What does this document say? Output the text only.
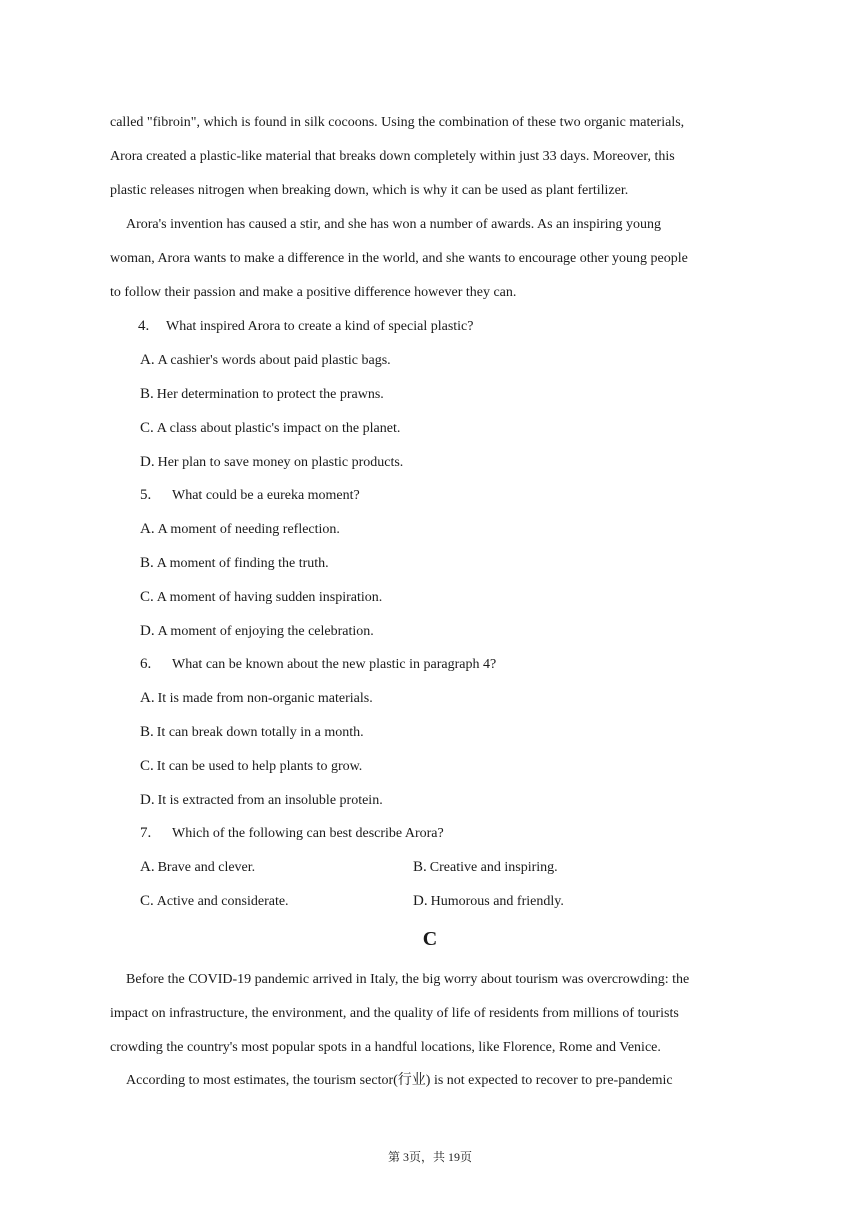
called "fibroin", which is found in silk cocoons. Using the combination of these two organic materials,
Arora created a plastic-like material that breaks down completely within just 33 days. Moreover, this
plastic releases nitrogen when breaking down, which is why it can be used as plant fertilizer.
Arora's invention has caused a stir, and she has won a number of awards. As an inspiring young
woman, Arora wants to make a difference in the world, and she wants to encourage other young people
to follow their passion and make a positive difference however they can.
4. What inspired Arora to create a kind of special plastic?
A. A cashier's words about paid plastic bags.
B. Her determination to protect the prawns.
C. A class about plastic's impact on the planet.
D. Her plan to save money on plastic products.
5. What could be a eureka moment?
A. A moment of needing reflection.
B. A moment of finding the truth.
C. A moment of having sudden inspiration.
D. A moment of enjoying the celebration.
6. What can be known about the new plastic in paragraph 4?
A. It is made from non-organic materials.
B. It can break down totally in a month.
C. It can be used to help plants to grow.
D. It is extracted from an insoluble protein.
7. Which of the following can best describe Arora?
A. Brave and clever.	B. Creative and inspiring.
C. Active and considerate.	D. Humorous and friendly.
C
Before the COVID-19 pandemic arrived in Italy, the big worry about tourism was overcrowding: the
impact on infrastructure, the environment, and the quality of life of residents from millions of tourists
crowding the country's most popular spots in a handful locations, like Florence, Rome and Venice.
According to most estimates, the tourism sector(行业) is not expected to recover to pre-pandemic
第 3页，共 19页
